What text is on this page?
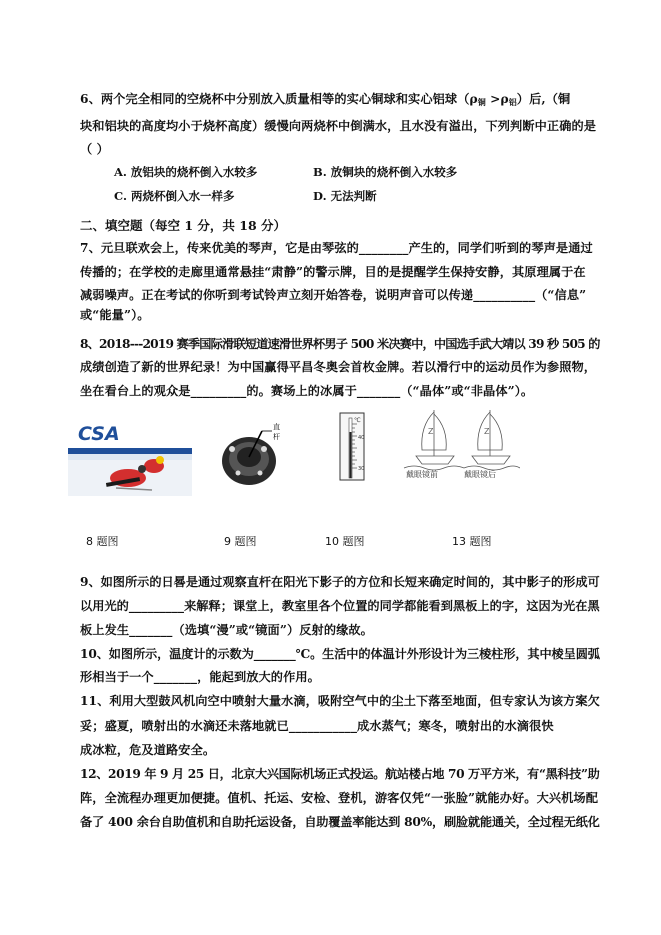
6、两个完全相同的空烧杯中分别放入质量相等的实心铜球和实心铝球$(\rho_铜 >\rho_铝)$后,（铜
块和铝块的高度均小于烧杯高度）缓慢向两烧杯中倒满水，且水没有溢出，下列判断中正确的是
（ ）
A. 放铝块的烧杯倒入水较多	B. 放铜块的烧杯倒入水较多
C. 两烧杯倒入水一样多	D. 无法判断
二、填空题（每空 1 分，共 18 分）
7、元旦联欢会上，传来优美的琴声，它是由琴弦的________产生的，同学们听到的琴声是通过
传播的；在学校的走廊里通常悬挂“肃静”的警示牌，目的是提醒学生保持安静，其原理属于在
减弱噪声。正在考试的你听到考试铃声立刻开始答卷，说明声音可以传递__________（“信息”
或“能量”）。
8、2018---2019 赛季国际滑联短道速滑世界杯男子 500 米决赛中，中国选手武大靖以 39 秒 505 的
成绩创造了新的世界纪录！为中国赢得平昌冬奥会首枚金牌。若以滑行中的运动员作为参照物，
坐在看台上的观众是_________的。赛场上的冰属于_______（“晶体”或“非晶体”）。
CSA	直
杆
℃
40
30
Z	Z
戴眼镜前	戴眼镜后
8 题图	9 题图	10 题图	13 题图
9、如图所示的日晷是通过观察直杆在阳光下影子的方位和长短来确定时间的，其中影子的形成可
以用光的_________来解释；课堂上，教室里各个位置的同学都能看到黑板上的字，这因为光在黑
板上发生_______（选填“漫”或“镜面”）反射的缘故。
10、如图所示，温度计的示数为_______℃。生活中的体温计外形设计为三棱柱形，其中棱呈圆弧
形相当于一个_______，能起到放大的作用。
11、利用大型鼓风机向空中喷射大量水滴，吸附空气中的尘土下落至地面，但专家认为该方案欠
妥；盛夏，喷射出的水滴还未落地就已___________成水蒸气；寒冬，喷射出的水滴很快
成冰粒，危及道路安全。
12、2019 年 9 月 25 日，北京大兴国际机场正式投运。航站楼占地 70 万平方米，有“黑科技”助
阵，全流程办理更加便捷。值机、托运、安检、登机，游客仅凭“一张脸”就能办好。大兴机场配
备了 400 余台自助值机和自助托运设备，自助覆盖率能达到 80%，刷脸就能通关，全过程无纸化
